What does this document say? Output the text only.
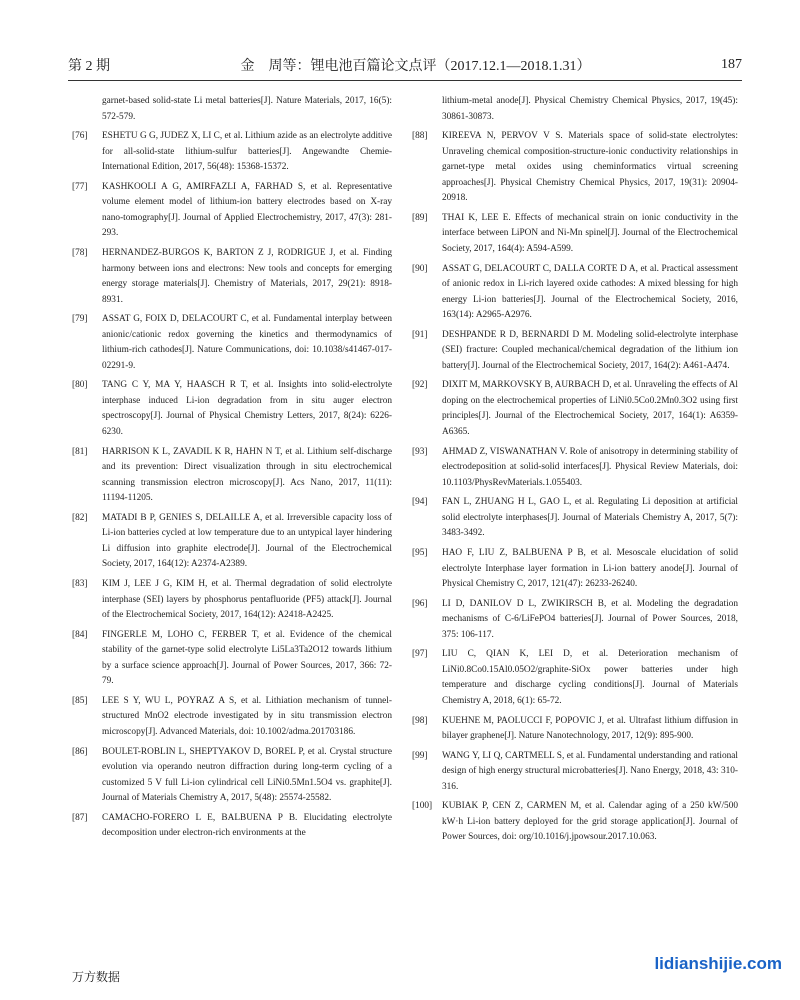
第 2 期	金　周等：锂电池百篇论文点评（2017.12.1—2018.1.31）	187
garnet-based solid-state Li metal batteries[J]. Nature Materials, 2017, 16(5): 572-579.
[76] ESHETU G G, JUDEZ X, LI C, et al. Lithium azide as an electrolyte additive for all-solid-state lithium-sulfur batteries[J]. Angewandte Chemie-International Edition, 2017, 56(48): 15368-15372.
[77] KASHKOOLI A G, AMIRFAZLI A, FARHAD S, et al. Representative volume element model of lithium-ion battery electrodes based on X-ray nano-tomography[J]. Journal of Applied Electrochemistry, 2017, 47(3): 281-293.
[78] HERNANDEZ-BURGOS K, BARTON Z J, RODRIGUE J, et al. Finding harmony between ions and electrons: New tools and concepts for emerging energy storage materials[J]. Chemistry of Materials, 2017, 29(21): 8918-8931.
[79] ASSAT G, FOIX D, DELACOURT C, et al. Fundamental interplay between anionic/cationic redox governing the kinetics and thermodynamics of lithium-rich cathodes[J]. Nature Communications, doi: 10.1038/s41467-017-02291-9.
[80] TANG C Y, MA Y, HAASCH R T, et al. Insights into solid-electrolyte interphase induced Li-ion degradation from in situ auger electron spectroscopy[J]. Journal of Physical Chemistry Letters, 2017, 8(24): 6226-6230.
[81] HARRISON K L, ZAVADIL K R, HAHN N T, et al. Lithium self-discharge and its prevention: Direct visualization through in situ electrochemical scanning transmission electron microscopy[J]. Acs Nano, 2017, 11(11): 11194-11205.
[82] MATADI B P, GENIES S, DELAILLE A, et al. Irreversible capacity loss of Li-ion batteries cycled at low temperature due to an untypical layer hindering Li diffusion into graphite electrode[J]. Journal of the Electrochemical Society, 2017, 164(12): A2374-A2389.
[83] KIM J, LEE J G, KIM H, et al. Thermal degradation of solid electrolyte interphase (SEI) layers by phosphorus pentafluoride (PF5) attack[J]. Journal of the Electrochemical Society, 2017, 164(12): A2418-A2425.
[84] FINGERLE M, LOHO C, FERBER T, et al. Evidence of the chemical stability of the garnet-type solid electrolyte Li5La3Ta2O12 towards lithium by a surface science approach[J]. Journal of Power Sources, 2017, 366: 72-79.
[85] LEE S Y, WU L, POYRAZ A S, et al. Lithiation mechanism of tunnel-structured MnO2 electrode investigated by in situ transmission electron microscopy[J]. Advanced Materials, doi: 10.1002/adma.201703186.
[86] BOULET-ROBLIN L, SHEPTYAKOV D, BOREL P, et al. Crystal structure evolution via operando neutron diffraction during long-term cycling of a customized 5 V full Li-ion cylindrical cell LiNi0.5Mn1.5O4 vs. graphite[J]. Journal of Materials Chemistry A, 2017, 5(48): 25574-25582.
[87] CAMACHO-FORERO L E, BALBUENA P B. Elucidating electrolyte decomposition under electron-rich environments at the
lithium-metal anode[J]. Physical Chemistry Chemical Physics, 2017, 19(45): 30861-30873.
[88] KIREEVA N, PERVOV V S. Materials space of solid-state electrolytes: Unraveling chemical composition-structure-ionic conductivity relationships in garnet-type metal oxides using cheminformatics virtual screening approaches[J]. Physical Chemistry Chemical Physics, 2017, 19(31): 20904-20918.
[89] THAI K, LEE E. Effects of mechanical strain on ionic conductivity in the interface between LiPON and Ni-Mn spinel[J]. Journal of the Electrochemical Society, 2017, 164(4): A594-A599.
[90] ASSAT G, DELACOURT C, DALLA CORTE D A, et al. Practical assessment of anionic redox in Li-rich layered oxide cathodes: A mixed blessing for high energy Li-ion batteries[J]. Journal of the Electrochemical Society, 2016, 163(14): A2965-A2976.
[91] DESHPANDE R D, BERNARDI D M. Modeling solid-electrolyte interphase (SEI) fracture: Coupled mechanical/chemical degradation of the lithium ion battery[J]. Journal of the Electrochemical Society, 2017, 164(2): A461-A474.
[92] DIXIT M, MARKOVSKY B, AURBACH D, et al. Unraveling the effects of Al doping on the electrochemical properties of LiNi0.5Co0.2Mn0.3O2 using first principles[J]. Journal of the Electrochemical Society, 2017, 164(1): A6359-A6365.
[93] AHMAD Z, VISWANATHAN V. Role of anisotropy in determining stability of electrodeposition at solid-solid interfaces[J]. Physical Review Materials, doi: 10.1103/PhysRevMaterials.1.055403.
[94] FAN L, ZHUANG H L, GAO L, et al. Regulating Li deposition at artificial solid electrolyte interphases[J]. Journal of Materials Chemistry A, 2017, 5(7): 3483-3492.
[95] HAO F, LIU Z, BALBUENA P B, et al. Mesoscale elucidation of solid electrolyte Interphase layer formation in Li-ion battery anode[J]. Journal of Physical Chemistry C, 2017, 121(47): 26233-26240.
[96] LI D, DANILOV D L, ZWIKIRSCH B, et al. Modeling the degradation mechanisms of C-6/LiFePO4 batteries[J]. Journal of Power Sources, 2018, 375: 106-117.
[97] LIU C, QIAN K, LEI D, et al. Deterioration mechanism of LiNi0.8Co0.15Al0.05O2/graphite-SiOx power batteries under high temperature and discharge cycling conditions[J]. Journal of Materials Chemistry A, 2018, 6(1): 65-72.
[98] KUEHNE M, PAOLUCCI F, POPOVIC J, et al. Ultrafast lithium diffusion in bilayer graphene[J]. Nature Nanotechnology, 2017, 12(9): 895-900.
[99] WANG Y, LI Q, CARTMELL S, et al. Fundamental understanding and rational design of high energy structural microbatteries[J]. Nano Energy, 2018, 43: 310-316.
[100] KUBIAK P, CEN Z, CARMEN M, et al. Calendar aging of a 250 kW/500 kW·h Li-ion battery deployed for the grid storage application[J]. Journal of Power Sources, doi: org/10.1016/j.jpowsour.2017.10.063.
万方数据
lidianshijie.com
